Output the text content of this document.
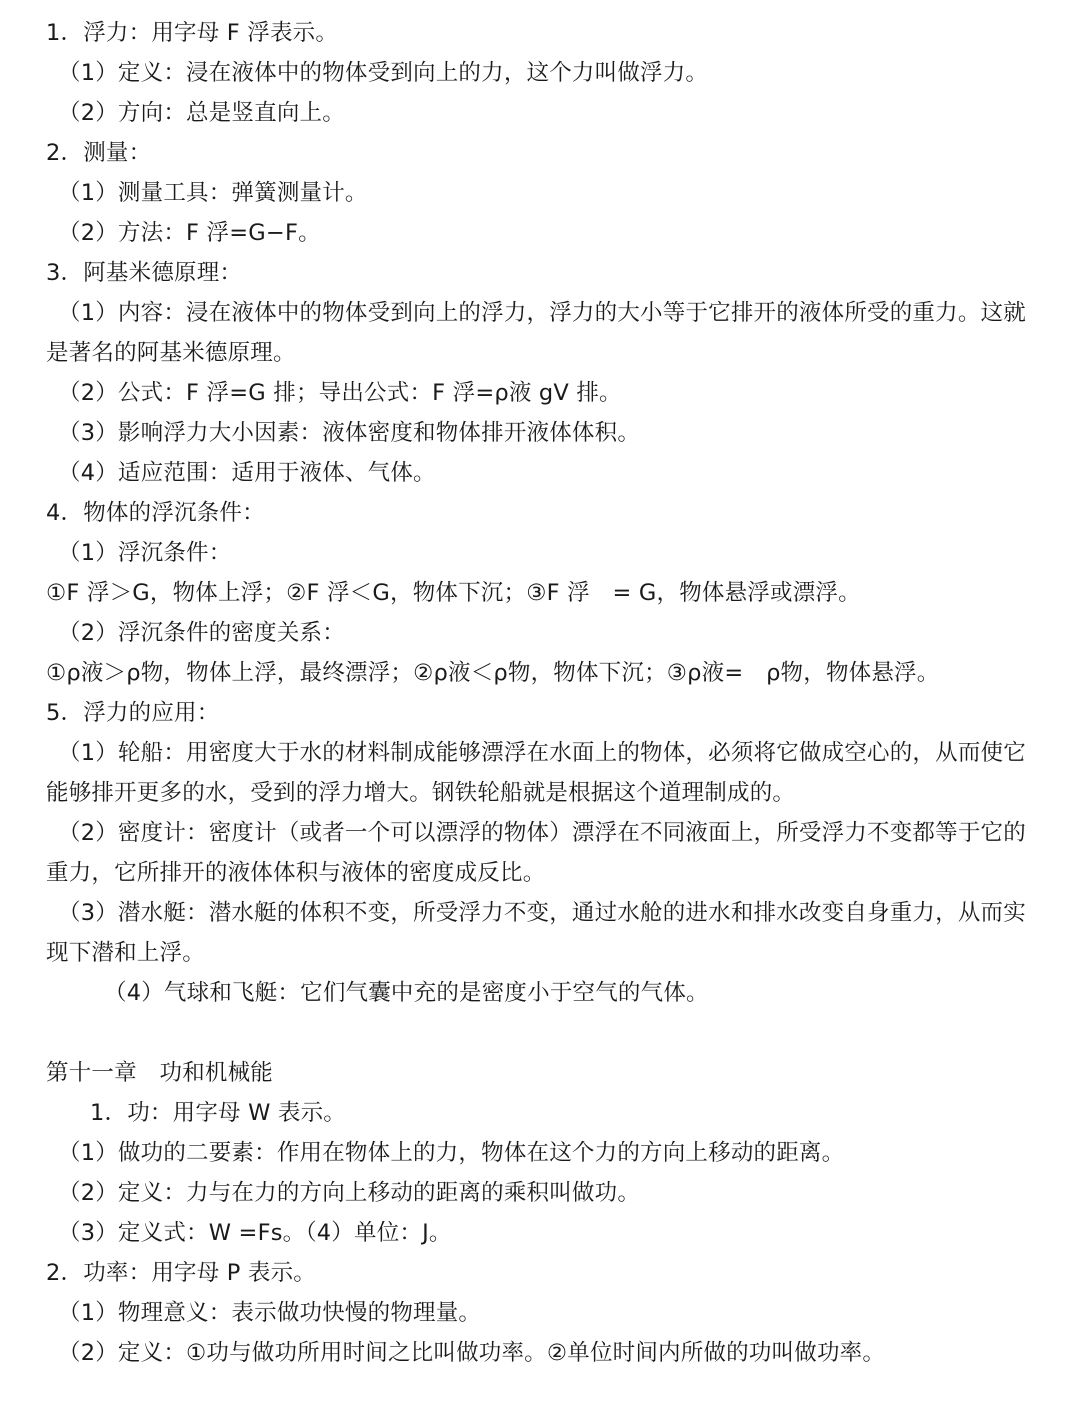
1．浮力：用字母 F 浮表示。
（1）定义：浸在液体中的物体受到向上的力，这个力叫做浮力。
（2）方向：总是竖直向上。
2．测量：
（1）测量工具：弹簧测量计。
（2）方法：F 浮=G−F。
3．阿基米德原理：
（1）内容：浸在液体中的物体受到向上的浮力，浮力的大小等于它排开的液体所受的重力。这就
是著名的阿基米德原理。
（2）公式：F 浮=G 排；导出公式：F 浮=ρ液 gV 排。
（3）影响浮力大小因素：液体密度和物体排开液体体积。
（4）适应范围：适用于液体、气体。
4．物体的浮沉条件：
（1）浮沉条件：
①F 浮＞G，物体上浮；②F 浮＜G，物体下沉；③F 浮　= G，物体悬浮或漂浮。
（2）浮沉条件的密度关系：
①ρ液＞ρ物，物体上浮，最终漂浮；②ρ液＜ρ物，物体下沉；③ρ液=　ρ物，物体悬浮。
5．浮力的应用：
（1）轮船：用密度大于水的材料制成能够漂浮在水面上的物体，必须将它做成空心的，从而使它
能够排开更多的水，受到的浮力增大。钢铁轮船就是根据这个道理制成的。
（2）密度计：密度计（或者一个可以漂浮的物体）漂浮在不同液面上，所受浮力不变都等于它的
重力，它所排开的液体体积与液体的密度成反比。
（3）潜水艇：潜水艇的体积不变，所受浮力不变，通过水舱的进水和排水改变自身重力，从而实
现下潜和上浮。
（4）气球和飞艇：它们气囊中充的是密度小于空气的气体。
第十一章　功和机械能
1．功：用字母 W 表示。
（1）做功的二要素：作用在物体上的力，物体在这个力的方向上移动的距离。
（2）定义：力与在力的方向上移动的距离的乘积叫做功。
（3）定义式：W =Fs。（4）单位：J。
2．功率：用字母 P 表示。
（1）物理意义：表示做功快慢的物理量。
（2）定义：①功与做功所用时间之比叫做功率。②单位时间内所做的功叫做功率。
